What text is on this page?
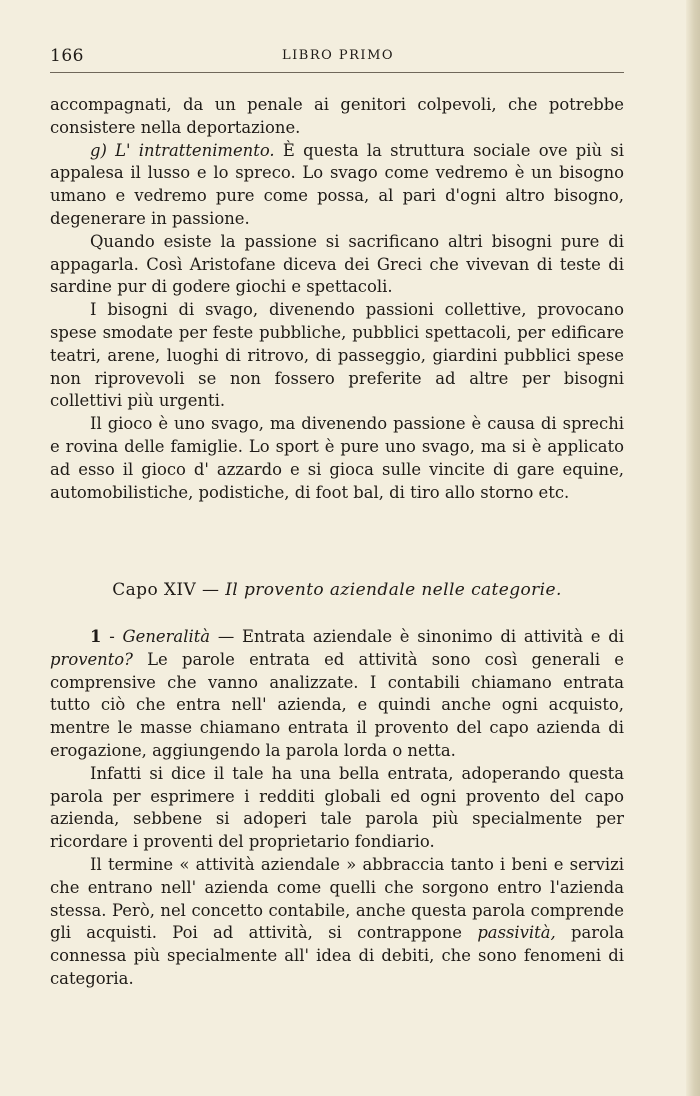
166	LIBRO PRIMO

accompagnati, da un penale ai genitori colpevoli, che potrebbe consistere nella deportazione.

g) L' intrattenimento. È questa la struttura sociale ove più si appalesa il lusso e lo spreco. Lo svago come vedremo è un bisogno umano e vedremo pure come possa, al pari d'ogni altro bisogno, degenerare in passione.

Quando esiste la passione si sacrificano altri bisogni pure di appagarla. Così Aristofane diceva dei Greci che vivevan di teste di sardine pur di godere giochi e spettacoli.

I bisogni di svago, divenendo passioni collettive, provocano spese smodate per feste pubbliche, pubblici spettacoli, per edificare teatri, arene, luoghi di ritrovo, di passeggio, giardini pubblici spese non riprovevoli se non fossero preferite ad altre per bisogni collettivi più urgenti.

Il gioco è uno svago, ma divenendo passione è causa di sprechi e rovina delle famiglie. Lo sport è pure uno svago, ma si è applicato ad esso il gioco d' azzardo e si gioca sulle vincite di gare equine, automobilistiche, podistiche, di foot bal, di tiro allo storno etc.

Capo XIV — Il provento aziendale nelle categorie.

1 - Generalità — Entrata aziendale è sinonimo di attività e di provento? Le parole entrata ed attività sono così generali e comprensive che vanno analizzate. I contabili chiamano entrata tutto ciò che entra nell' azienda, e quindi anche ogni acquisto, mentre le masse chiamano entrata il provento del capo azienda di erogazione, aggiungendo la parola lorda o netta.

Infatti si dice il tale ha una bella entrata, adoperando questa parola per esprimere i redditi globali ed ogni provento del capo azienda, sebbene si adoperi tale parola più specialmente per ricordare i proventi del proprietario fondiario.

Il termine « attività aziendale » abbraccia tanto i beni e servizi che entrano nell' azienda come quelli che sorgono entro l'azienda stessa. Però, nel concetto contabile, anche questa parola comprende gli acquisti. Poi ad attività, si contrappone passività, parola connessa più specialmente all' idea di debiti, che sono fenomeni di categoria.
